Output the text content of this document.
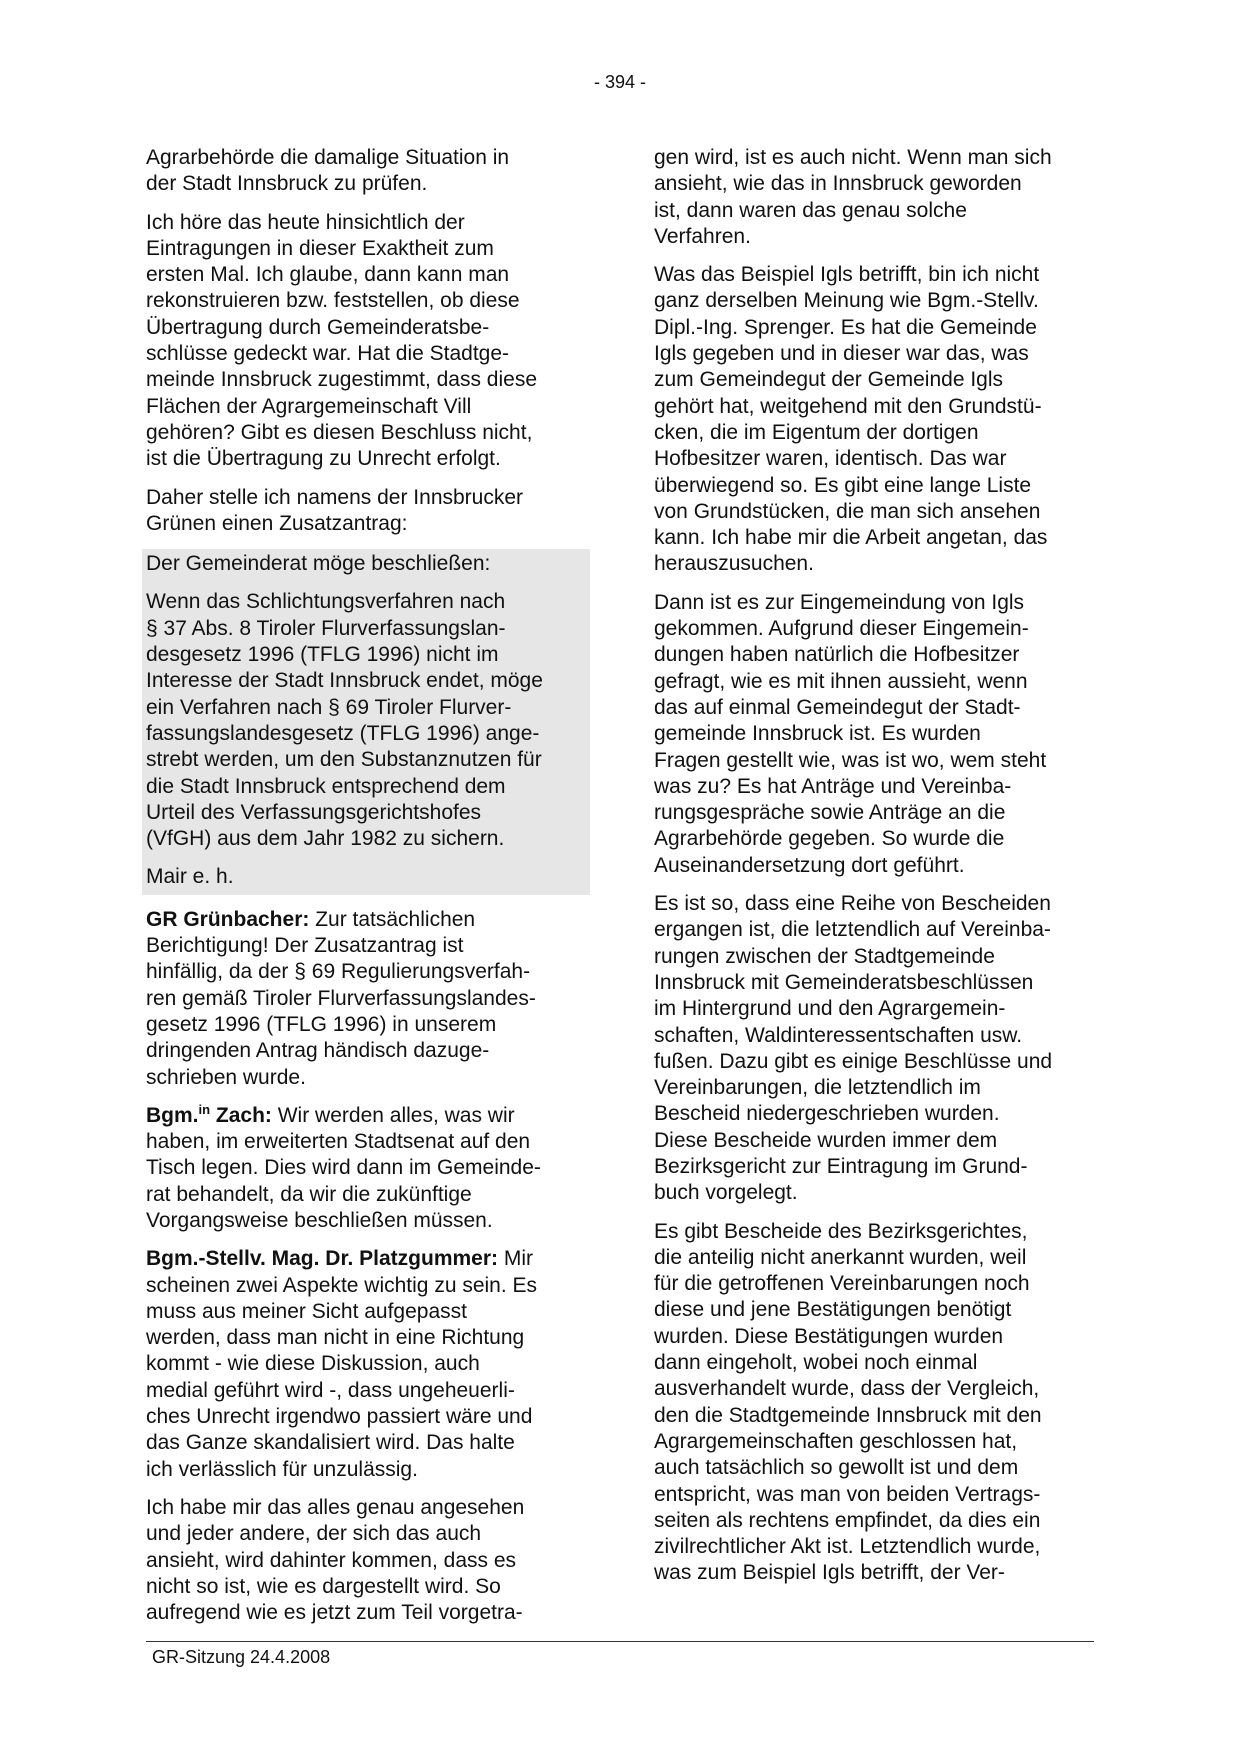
- 394 -

Agrarbehörde die damalige Situation in
der Stadt Innsbruck zu prüfen.

Ich höre das heute hinsichtlich der
Eintragungen in dieser Exaktheit zum
ersten Mal. Ich glaube, dann kann man
rekonstruieren bzw. feststellen, ob diese
Übertragung durch Gemeinderatsbe-
schlüsse gedeckt war. Hat die Stadtge-
meinde Innsbruck zugestimmt, dass diese
Flächen der Agrargemeinschaft Vill
gehören? Gibt es diesen Beschluss nicht,
ist die Übertragung zu Unrecht erfolgt.

Daher stelle ich namens der Innsbrucker
Grünen einen Zusatzantrag:

Der Gemeinderat möge beschließen:

Wenn das Schlichtungsverfahren nach
§ 37 Abs. 8 Tiroler Flurverfassungslan-
desgesetz 1996 (TFLG 1996) nicht im
Interesse der Stadt Innsbruck endet, möge
ein Verfahren nach § 69 Tiroler Flurver-
fassungslandesgesetz (TFLG 1996) ange-
strebt werden, um den Substanznutzen für
die Stadt Innsbruck entsprechend dem
Urteil des Verfassungsgerichtshofes
(VfGH) aus dem Jahr 1982 zu sichern.

Mair e. h.

GR Grünbacher: Zur tatsächlichen
Berichtigung! Der Zusatzantrag ist
hinfällig, da der § 69 Regulierungsverfah-
ren gemäß Tiroler Flurverfassungslandes-
gesetz 1996 (TFLG 1996) in unserem
dringenden Antrag händisch dazuge-
schrieben wurde.

Bgm.$^{in}$ Zach: Wir werden alles, was wir
haben, im erweiterten Stadtsenat auf den
Tisch legen. Dies wird dann im Gemeinde-
rat behandelt, da wir die zukünftige
Vorgangsweise beschließen müssen.

Bgm.-Stellv. Mag. Dr. Platzgummer: Mir
scheinen zwei Aspekte wichtig zu sein. Es
muss aus meiner Sicht aufgepasst
werden, dass man nicht in eine Richtung
kommt - wie diese Diskussion, auch
medial geführt wird -, dass ungeheuerli-
ches Unrecht irgendwo passiert wäre und
das Ganze skandalisiert wird. Das halte
ich verlässlich für unzulässig.

Ich habe mir das alles genau angesehen
und jeder andere, der sich das auch
ansieht, wird dahinter kommen, dass es
nicht so ist, wie es dargestellt wird. So
aufregend wie es jetzt zum Teil vorgetra-

gen wird, ist es auch nicht. Wenn man sich
ansieht, wie das in Innsbruck geworden
ist, dann waren das genau solche
Verfahren.

Was das Beispiel Igls betrifft, bin ich nicht
ganz derselben Meinung wie Bgm.-Stellv.
Dipl.-Ing. Sprenger. Es hat die Gemeinde
Igls gegeben und in dieser war das, was
zum Gemeindegut der Gemeinde Igls
gehört hat, weitgehend mit den Grundstü-
cken, die im Eigentum der dortigen
Hofbesitzer waren, identisch. Das war
überwiegend so. Es gibt eine lange Liste
von Grundstücken, die man sich ansehen
kann. Ich habe mir die Arbeit angetan, das
herauszusuchen.

Dann ist es zur Eingemeindung von Igls
gekommen. Aufgrund dieser Eingemein-
dungen haben natürlich die Hofbesitzer
gefragt, wie es mit ihnen aussieht, wenn
das auf einmal Gemeindegut der Stadt-
gemeinde Innsbruck ist. Es wurden
Fragen gestellt wie, was ist wo, wem steht
was zu? Es hat Anträge und Vereinba-
rungsgespräche sowie Anträge an die
Agrarbehörde gegeben. So wurde die
Auseinandersetzung dort geführt.

Es ist so, dass eine Reihe von Bescheiden
ergangen ist, die letztendlich auf Vereinba-
rungen zwischen der Stadtgemeinde
Innsbruck mit Gemeinderatsbeschlüssen
im Hintergrund und den Agrargemein-
schaften, Waldinteressentschaften usw.
fußen. Dazu gibt es einige Beschlüsse und
Vereinbarungen, die letztendlich im
Bescheid niedergeschrieben wurden.
Diese Bescheide wurden immer dem
Bezirksgericht zur Eintragung im Grund-
buch vorgelegt.

Es gibt Bescheide des Bezirksgerichtes,
die anteilig nicht anerkannt wurden, weil
für die getroffenen Vereinbarungen noch
diese und jene Bestätigungen benötigt
wurden. Diese Bestätigungen wurden
dann eingeholt, wobei noch einmal
ausverhandelt wurde, dass der Vergleich,
den die Stadtgemeinde Innsbruck mit den
Agrargemeinschaften geschlossen hat,
auch tatsächlich so gewollt ist und dem
entspricht, was man von beiden Vertrags-
seiten als rechtens empfindet, da dies ein
zivilrechtlicher Akt ist. Letztendlich wurde,
was zum Beispiel Igls betrifft, der Ver-

GR-Sitzung 24.4.2008
